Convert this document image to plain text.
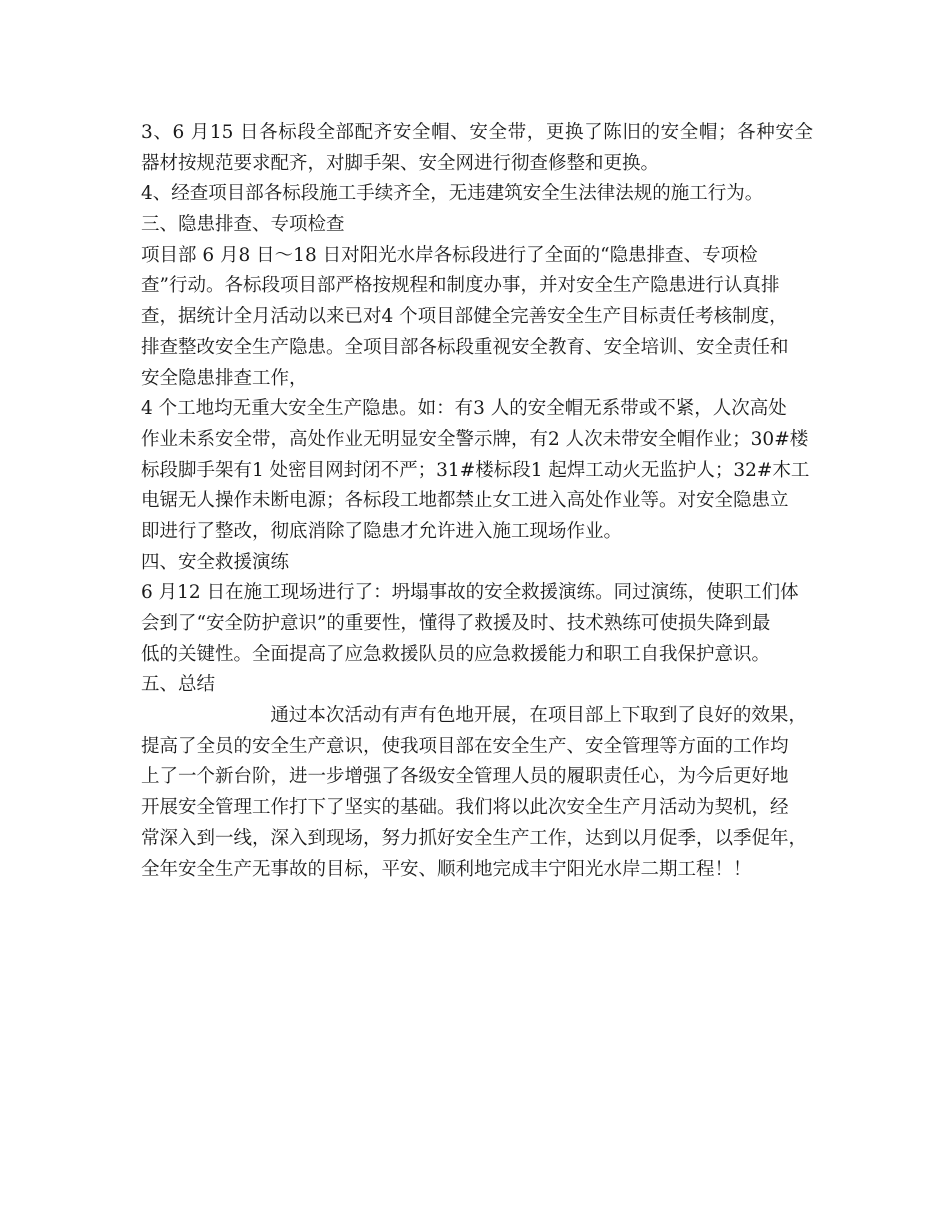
3、6 月15 日各标段全部配齐安全帽、安全带，更换了陈旧的安全帽；各种安全
器材按规范要求配齐，对脚手架、安全网进行彻查修整和更换。
4、经查项目部各标段施工手续齐全，无违建筑安全生法律法规的施工行为。
三、隐患排查、专项检查
项目部 6 月8 日～18 日对阳光水岸各标段进行了全面的“隐患排查、专项检
查”行动。各标段项目部严格按规程和制度办事，并对安全生产隐患进行认真排
查，据统计全月活动以来已对4 个项目部健全完善安全生产目标责任考核制度，
排查整改安全生产隐患。全项目部各标段重视安全教育、安全培训、安全责任和
安全隐患排查工作，
4 个工地均无重大安全生产隐患。如：有3 人的安全帽无系带或不紧，人次高处
作业未系安全带，高处作业无明显安全警示牌，有2 人次未带安全帽作业；30#楼
标段脚手架有1 处密目网封闭不严；31#楼标段1 起焊工动火无监护人；32#木工
电锯无人操作未断电源；各标段工地都禁止女工进入高处作业等。对安全隐患立
即进行了整改，彻底消除了隐患才允许进入施工现场作业。
四、安全救援演练
6 月12 日在施工现场进行了：坍塌事故的安全救援演练。同过演练，使职工们体
会到了“安全防护意识”的重要性，懂得了救援及时、技术熟练可使损失降到最
低的关键性。全面提高了应急救援队员的应急救援能力和职工自我保护意识。
五、总结
通过本次活动有声有色地开展，在项目部上下取到了良好的效果，
提高了全员的安全生产意识，使我项目部在安全生产、安全管理等方面的工作均
上了一个新台阶，进一步增强了各级安全管理人员的履职责任心，为今后更好地
开展安全管理工作打下了坚实的基础。我们将以此次安全生产月活动为契机，经
常深入到一线，深入到现场，努力抓好安全生产工作，达到以月促季，以季促年，
全年安全生产无事故的目标，平安、顺利地完成丰宁阳光水岸二期工程！！
